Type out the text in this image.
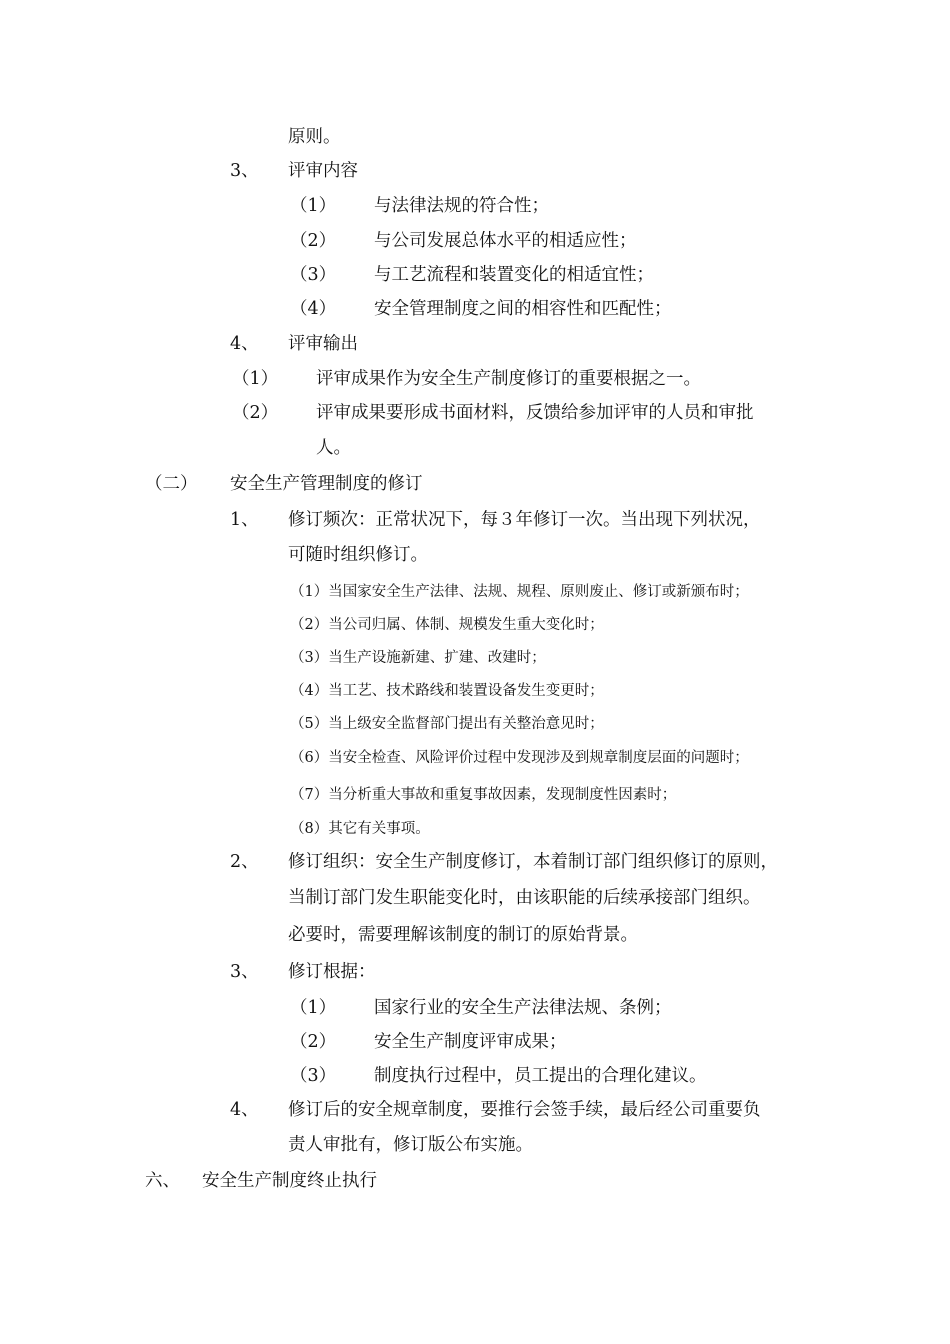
原则。
3、 评审内容
（1） 与法律法规的符合性；
（2） 与公司发展总体水平的相适应性；
（3） 与工艺流程和装置变化的相适宜性；
（4） 安全管理制度之间的相容性和匹配性；
4、 评审输出
（1） 评审成果作为安全生产制度修订的重要根据之一。
（2） 评审成果要形成书面材料，反馈给参加评审的人员和审批
人。
（二） 安全生产管理制度的修订
1、 修订频次：正常状况下，每３年修订一次。当出现下列状况，
可随时组织修订。
（1）当国家安全生产法律、法规、规程、原则废止、修订或新颁布时；
（2）当公司归属、体制、规模发生重大变化时；
（3）当生产设施新建、扩建、改建时；
（4）当工艺、技术路线和装置设备发生变更时；
（5）当上级安全监督部门提出有关整治意见时；
（6）当安全检查、风险评价过程中发现涉及到规章制度层面的问题时；
（7）当分析重大事故和重复事故因素，发现制度性因素时；
（8）其它有关事项。
2、 修订组织：安全生产制度修订，本着制订部门组织修订的原则，
当制订部门发生职能变化时，由该职能的后续承接部门组织。
必要时，需要理解该制度的制订的原始背景。
3、 修订根据：
（1） 国家行业的安全生产法律法规、条例；
（2） 安全生产制度评审成果；
（3） 制度执行过程中，员工提出的合理化建议。
4、 修订后的安全规章制度，要推行会签手续，最后经公司重要负
责人审批有，修订版公布实施。
六、 安全生产制度终止执行
